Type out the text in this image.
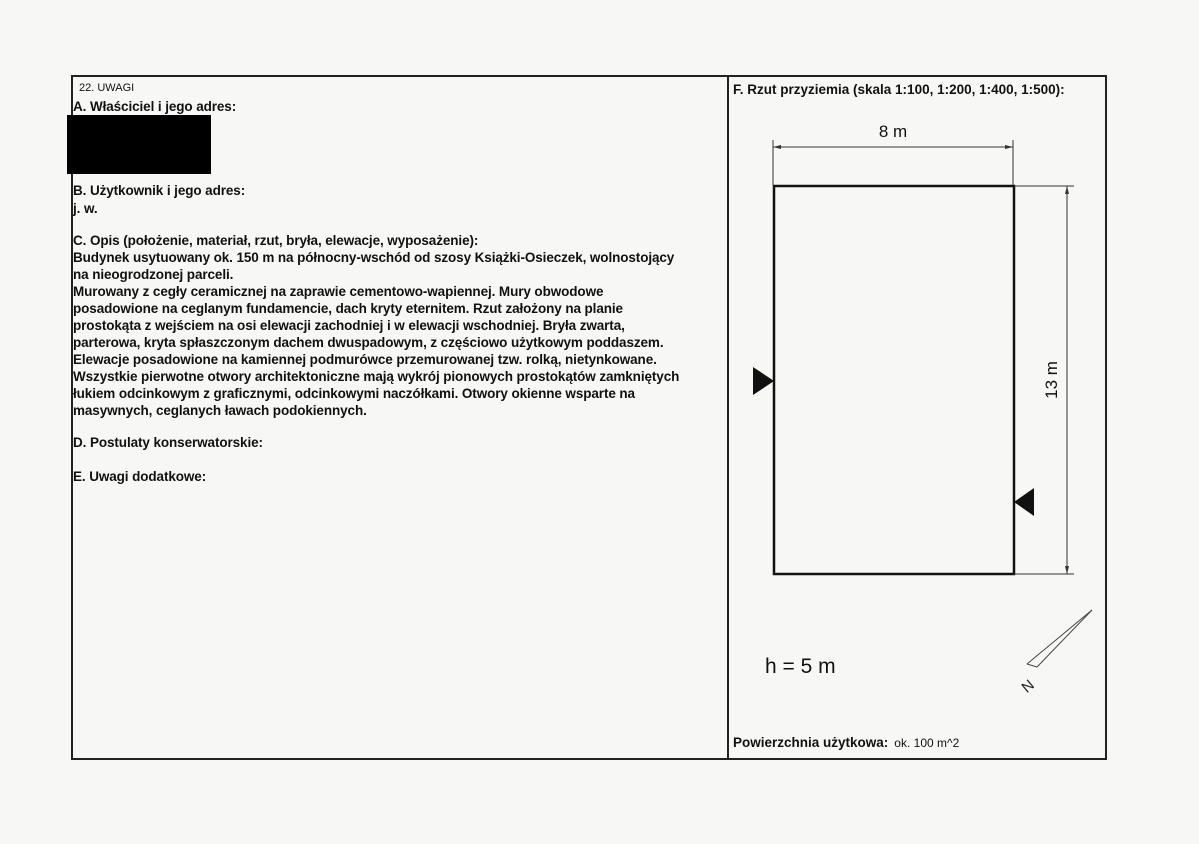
22. UWAGI
A. Właściciel i jego adres:
B. Użytkownik i jego adres:
j. w.
C. Opis (położenie, materiał, rzut, bryła, elewacje, wyposażenie):
Budynek usytuowany ok. 150 m na północny-wschód od szosy Książki-Osieczek, wolnostojący
na nieogrodzonej parceli.
Murowany z cegły ceramicznej na zaprawie cementowo-wapiennej. Mury obwodowe
posadowione na ceglanym fundamencie, dach kryty eternitem. Rzut założony na planie
prostokąta z wejściem na osi elewacji zachodniej i w elewacji wschodniej. Bryła zwarta,
parterowa, kryta spłaszczonym dachem dwuspadowym, z częściowo użytkowym poddaszem.
Elewacje posadowione na kamiennej podmurówce przemurowanej tzw. rolką, nietynkowane.
Wszystkie pierwotne otwory architektoniczne mają wykrój pionowych prostokątów zamkniętych
łukiem odcinkowym z graficznymi, odcinkowymi naczółkami. Otwory okienne wsparte na
masywnych, ceglanych ławach podokiennych.
D. Postulaty konserwatorskie:
E. Uwagi dodatkowe:
F. Rzut przyziemia (skala 1:100, 1:200, 1:400, 1:500):
8 m
13 m
h = 5 m
N
Powierzchnia użytkowa: ok. 100 m^2
